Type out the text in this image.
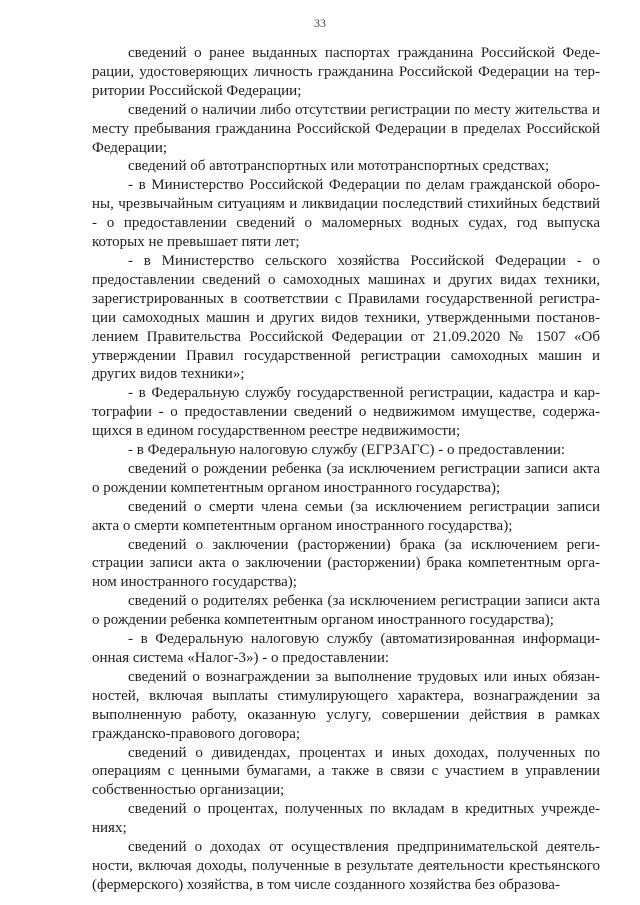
33

сведений о ранее выданных паспортах гражданина Российской Федерации, удостоверяющих личность гражданина Российской Федерации на территории Российской Федерации;

сведений о наличии либо отсутствии регистрации по месту жительства и месту пребывания гражданина Российской Федерации в пределах Российской Федерации;

сведений об автотранспортных или мототранспортных средствах;

- в Министерство Российской Федерации по делам гражданской обороны, чрезвычайным ситуациям и ликвидации последствий стихийных бедствий - о предоставлении сведений о маломерных водных судах, год выпуска которых не превышает пяти лет;

- в Министерство сельского хозяйства Российской Федерации - о предоставлении сведений о самоходных машинах и других видах техники, зарегистрированных в соответствии с Правилами государственной регистрации самоходных машин и других видов техники, утвержденными постановлением Правительства Российской Федерации от 21.09.2020 № 1507 «Об утверждении Правил государственной регистрации самоходных машин и других видов техники»;

- в Федеральную службу государственной регистрации, кадастра и картографии - о предоставлении сведений о недвижимом имуществе, содержащихся в едином государственном реестре недвижимости;

- в Федеральную налоговую службу (ЕГРЗАГС) - о предоставлении:

сведений о рождении ребенка (за исключением регистрации записи акта о рождении компетентным органом иностранного государства);

сведений о смерти члена семьи (за исключением регистрации записи акта о смерти компетентным органом иностранного государства);

сведений о заключении (расторжении) брака (за исключением регистрации записи акта о заключении (расторжении) брака компетентным органом иностранного государства);

сведений о родителях ребенка (за исключением регистрации записи акта о рождении ребенка компетентным органом иностранного государства);

- в Федеральную налоговую службу (автоматизированная информационная система «Налог-3») - о предоставлении:

сведений о вознаграждении за выполнение трудовых или иных обязанностей, включая выплаты стимулирующего характера, вознаграждении за выполненную работу, оказанную услугу, совершении действия в рамках гражданско-правового договора;

сведений о дивидендах, процентах и иных доходах, полученных по операциям с ценными бумагами, а также в связи с участием в управлении собственностью организации;

сведений о процентах, полученных по вкладам в кредитных учреждениях;

сведений о доходах от осуществления предпринимательской деятельности, включая доходы, полученные в результате деятельности крестьянского (фермерского) хозяйства, в том числе созданного хозяйства без образова-
